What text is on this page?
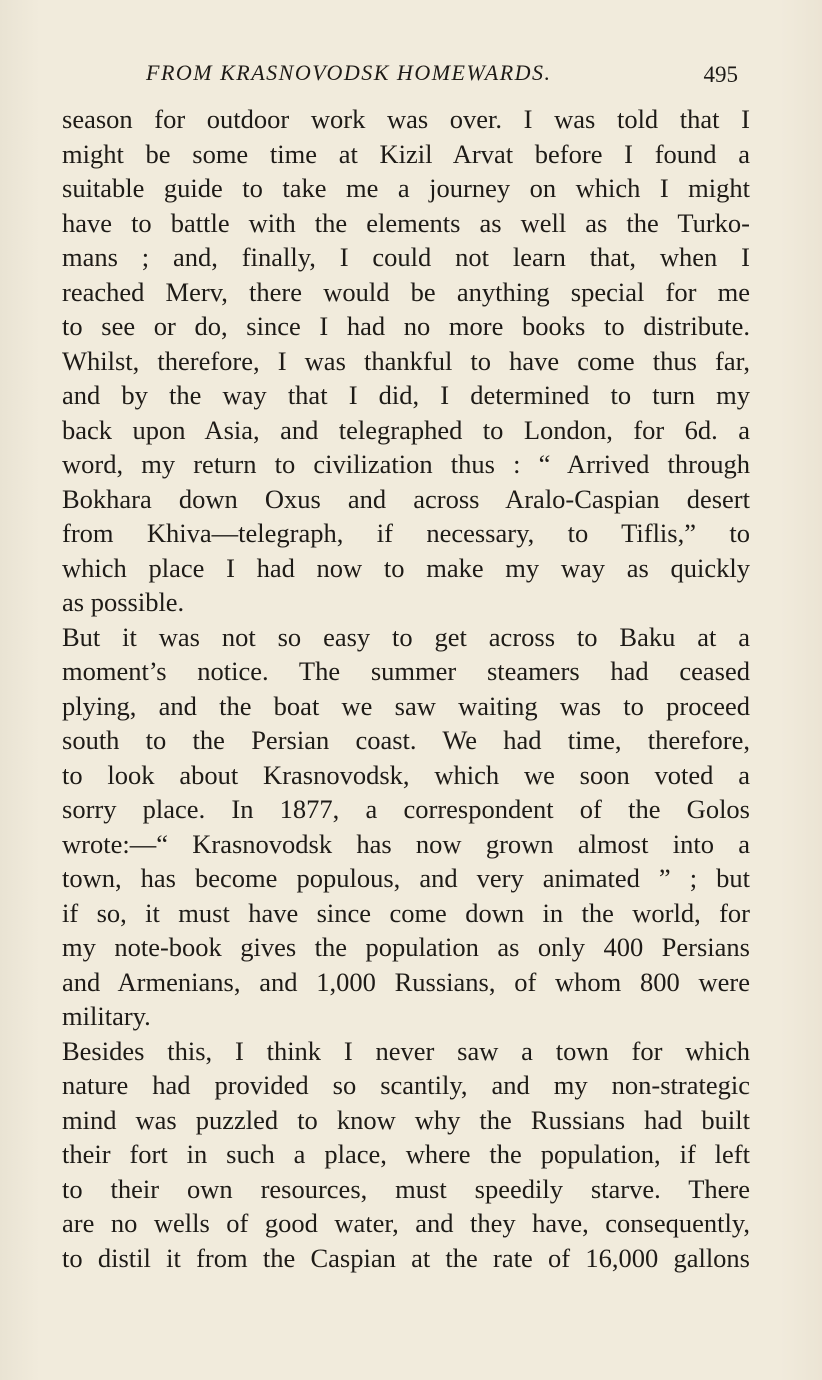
FROM KRASNOVODSK HOMEWARDS.	495
season for outdoor work was over. I was told that I
might be some time at Kizil Arvat before I found a
suitable guide to take me a journey on which I might
have to battle with the elements as well as the Turko-
mans ; and, finally, I could not learn that, when I
reached Merv, there would be anything special for me
to see or do, since I had no more books to distribute.
Whilst, therefore, I was thankful to have come thus far,
and by the way that I did, I determined to turn my
back upon Asia, and telegraphed to London, for 6d. a
word, my return to civilization thus : “ Arrived through
Bokhara down Oxus and across Aralo-Caspian desert
from Khiva—telegraph, if necessary, to Tiflis,” to
which place I had now to make my way as quickly
as possible.
But it was not so easy to get across to Baku at a
moment’s notice. The summer steamers had ceased
plying, and the boat we saw waiting was to proceed
south to the Persian coast. We had time, therefore,
to look about Krasnovodsk, which we soon voted a
sorry place. In 1877, a correspondent of the Golos
wrote:—“ Krasnovodsk has now grown almost into a
town, has become populous, and very animated ” ; but
if so, it must have since come down in the world, for
my note-book gives the population as only 400 Persians
and Armenians, and 1,000 Russians, of whom 800 were
military.
Besides this, I think I never saw a town for which
nature had provided so scantily, and my non-strategic
mind was puzzled to know why the Russians had built
their fort in such a place, where the population, if left
to their own resources, must speedily starve. There
are no wells of good water, and they have, consequently,
to distil it from the Caspian at the rate of 16,000 gallons
